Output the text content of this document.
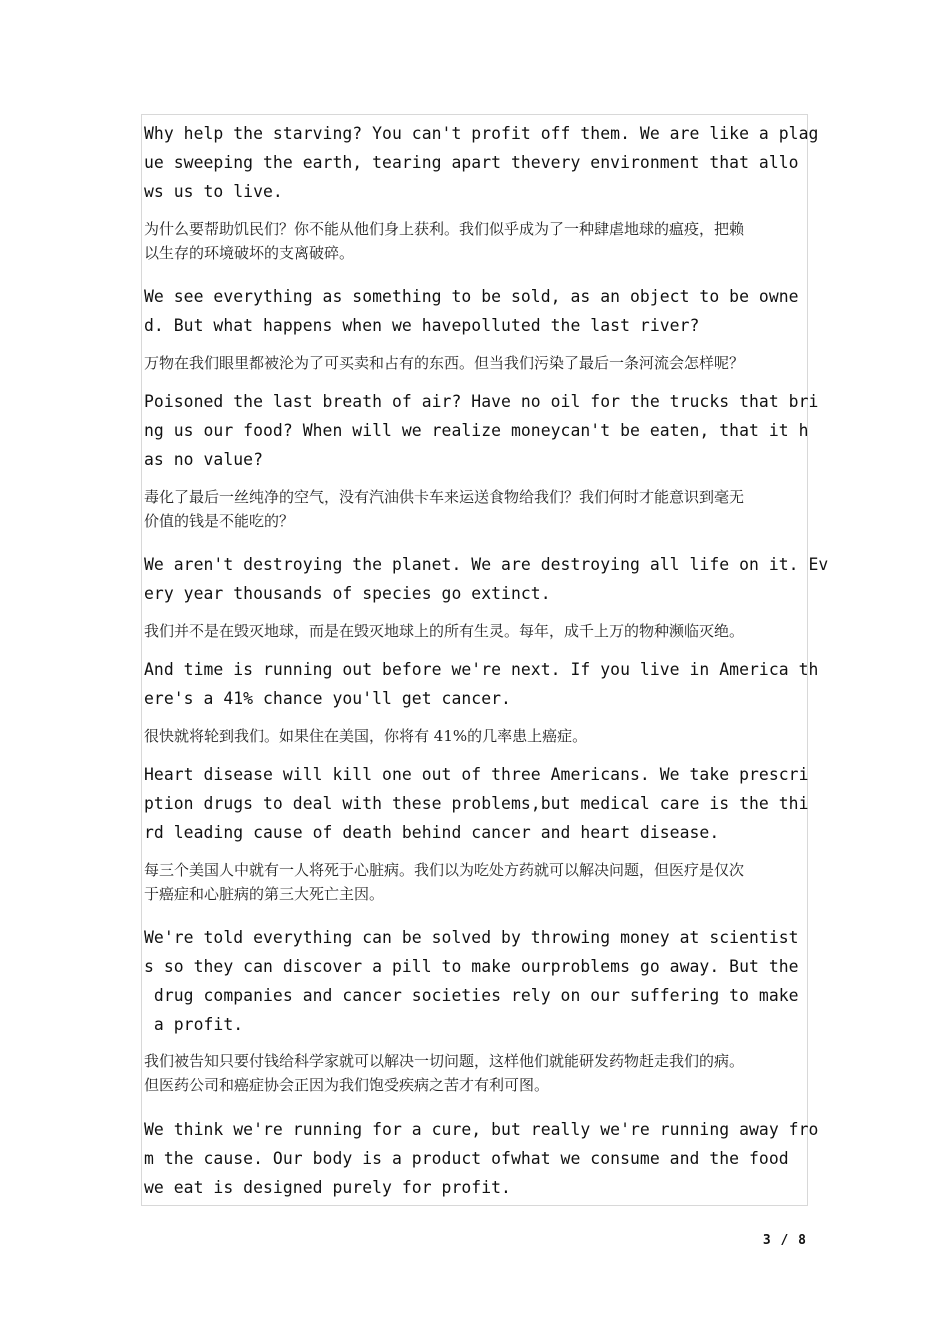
Why help the starving? You can't profit off them. We are like a plag
ue sweeping the earth, tearing apart thevery environment that allo
ws us to live.

为什么要帮助饥民们？你不能从他们身上获利。我们似乎成为了一种肆虐地球的瘟疫，把赖
以生存的环境破坏的支离破碎。

We see everything as something to be sold, as an object to be owne
d. But what happens when we havepolluted the last river?

万物在我们眼里都被沦为了可买卖和占有的东西。但当我们污染了最后一条河流会怎样呢？

Poisoned the last breath of air? Have no oil for the trucks that bri
ng us our food? When will we realize moneycan't be eaten, that it h
as no value?

毒化了最后一丝纯净的空气，没有汽油供卡车来运送食物给我们？我们何时才能意识到毫无
价值的钱是不能吃的？

We aren't destroying the planet. We are destroying all life on it. Ev
ery year thousands of species go extinct.

我们并不是在毁灭地球，而是在毁灭地球上的所有生灵。每年，成千上万的物种濒临灭绝。

And time is running out before we're next. If you live in America th
ere's a 41% chance you'll get cancer.

很快就将轮到我们。如果住在美国，你将有 41%的几率患上癌症。

Heart disease will kill one out of three Americans. We take prescri
ption drugs to deal with these problems,but medical care is the thi
rd leading cause of death behind cancer and heart disease.

每三个美国人中就有一人将死于心脏病。我们以为吃处方药就可以解决问题，但医疗是仅次
于癌症和心脏病的第三大死亡主因。

We're told everything can be solved by throwing money at scientist
s so they can discover a pill to make ourproblems go away. But the
drug companies and cancer societies rely on our suffering to make
a profit.

我们被告知只要付钱给科学家就可以解决一切问题，这样他们就能研发药物赶走我们的病。
但医药公司和癌症协会正因为我们饱受疾病之苦才有利可图。

We think we're running for a cure, but really we're running away fro
m the cause. Our body is a product ofwhat we consume and the food
we eat is designed purely for profit.

3 / 8
